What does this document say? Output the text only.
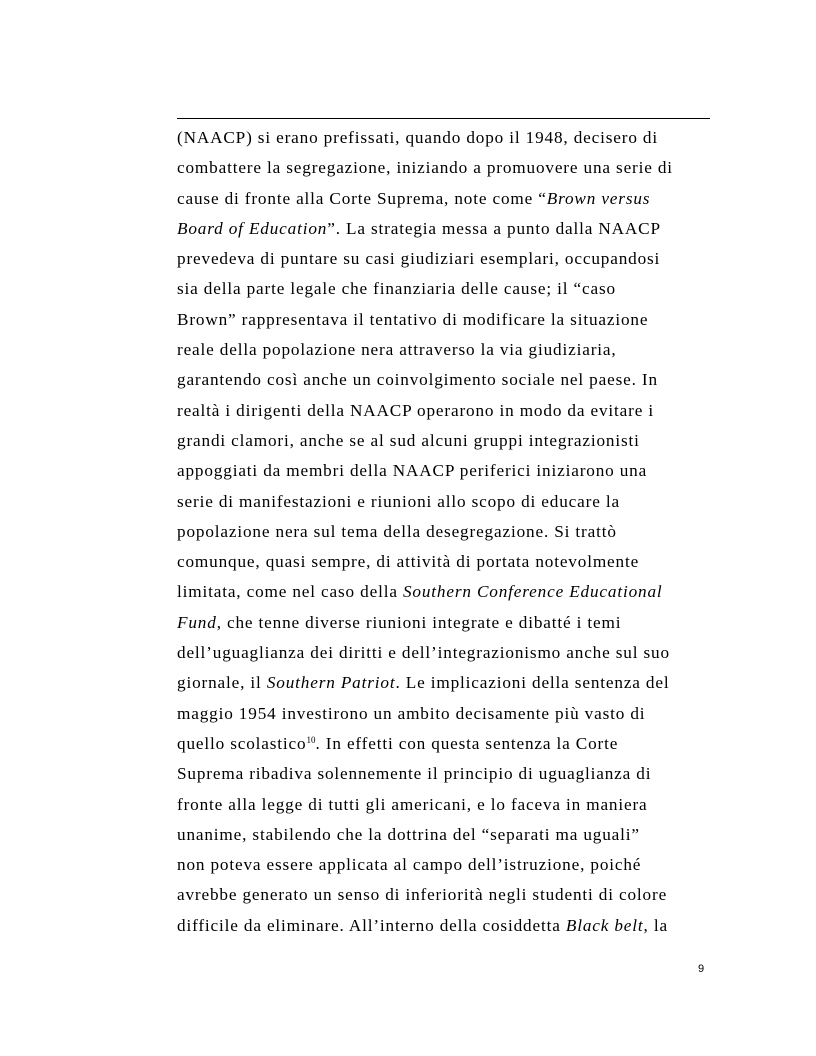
(NAACP) si erano prefissati, quando dopo il 1948, decisero di
combattere la segregazione, iniziando a promuovere una serie di
cause di fronte alla Corte Suprema, note come “Brown versus
Board of Education”. La strategia messa a punto dalla NAACP
prevedeva di puntare su casi giudiziari esemplari, occupandosi
sia della parte legale che finanziaria delle cause; il “caso
Brown” rappresentava il tentativo di modificare la situazione
reale della popolazione nera attraverso la via giudiziaria,
garantendo così anche un coinvolgimento sociale nel paese. In
realtà i dirigenti della NAACP operarono in modo da evitare i
grandi clamori, anche se al sud alcuni gruppi integrazionisti
appoggiati da membri della NAACP periferici iniziarono una
serie di manifestazioni e riunioni allo scopo di educare la
popolazione nera sul tema della desegregazione. Si trattò
comunque, quasi sempre, di attività di portata notevolmente
limitata, come nel caso della Southern Conference Educational
Fund, che tenne diverse riunioni integrate e dibatté i temi
dell’uguaglianza dei diritti e dell’integrazionismo anche sul suo
giornale, il Southern Patriot. Le implicazioni della sentenza del
maggio 1954 investirono un ambito decisamente più vasto di
quello scolastico$^{10}$. In effetti con questa sentenza la Corte
Suprema ribadiva solennemente il principio di uguaglianza di
fronte alla legge di tutti gli americani, e lo faceva in maniera
unanime, stabilendo che la dottrina del “separati ma uguali”
non poteva essere applicata al campo dell’istruzione, poiché
avrebbe generato un senso di inferiorità negli studenti di colore
difficile da eliminare. All’interno della cosiddetta Black belt, la
9
